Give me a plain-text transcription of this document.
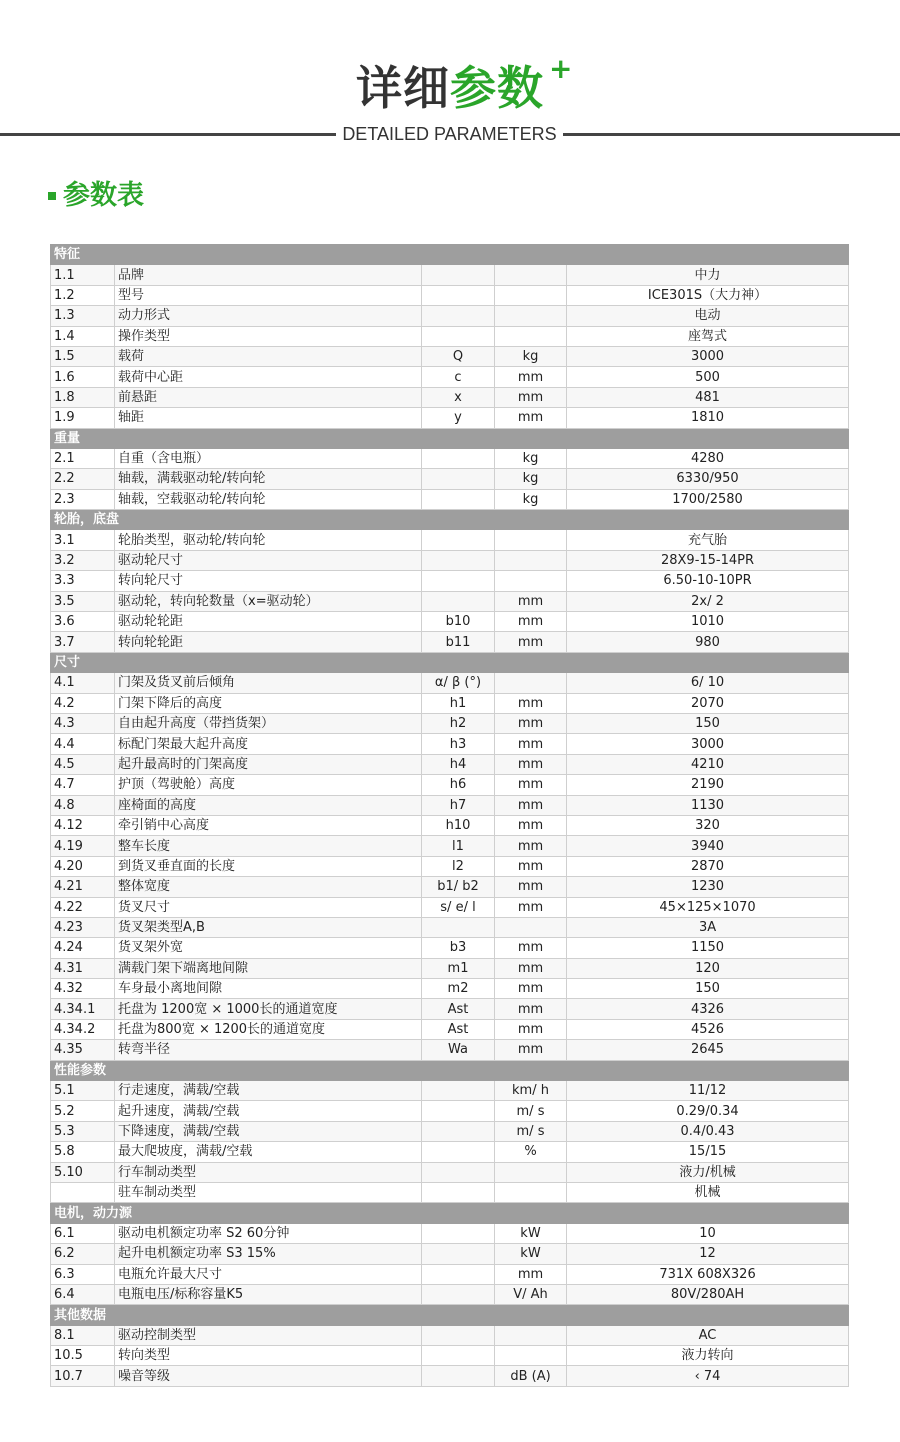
详细参数 +
DETAILED PARAMETERS
参数表
特征				
1.1	品牌			中力
1.2	型号			ICE301S（大力神）
1.3	动力形式			电动
1.4	操作类型			座驾式
1.5	载荷	Q	kg	3000
1.6	载荷中心距	c	mm	500
1.8	前悬距	x	mm	481
1.9	轴距	y	mm	1810
重量				
2.1	自重（含电瓶）		kg	4280
2.2	轴载，满载驱动轮/转向轮		kg	6330/950
2.3	轴载，空载驱动轮/转向轮		kg	1700/2580
轮胎，底盘				
3.1	轮胎类型，驱动轮/转向轮			充气胎
3.2	驱动轮尺寸			28X9-15-14PR
3.3	转向轮尺寸			6.50-10-10PR
3.5	驱动轮，转向轮数量（x=驱动轮）		mm	2x/ 2
3.6	驱动轮轮距	b10	mm	1010
3.7	转向轮轮距	b11	mm	980
尺寸				
4.1	门架及货叉前后倾角	α/ β (°)		6/ 10
4.2	门架下降后的高度	h1	mm	2070
4.3	自由起升高度（带挡货架）	h2	mm	150
4.4	标配门架最大起升高度	h3	mm	3000
4.5	起升最高时的门架高度	h4	mm	4210
4.7	护顶（驾驶舱）高度	h6	mm	2190
4.8	座椅面的高度	h7	mm	1130
4.12	牵引销中心高度	h10	mm	320
4.19	整车长度	l1	mm	3940
4.20	到货叉垂直面的长度	l2	mm	2870
4.21	整体宽度	b1/ b2	mm	1230
4.22	货叉尺寸	s/ e/ l	mm	45×125×1070
4.23	货叉架类型A,B			3A
4.24	货叉架外宽	b3	mm	1150
4.31	满载门架下端离地间隙	m1	mm	120
4.32	车身最小离地间隙	m2	mm	150
4.34.1	托盘为 1200宽 × 1000长的通道宽度	Ast	mm	4326
4.34.2	托盘为800宽 × 1200长的通道宽度	Ast	mm	4526
4.35	转弯半径	Wa	mm	2645
性能参数				
5.1	行走速度，满载/空载		km/ h	11/12
5.2	起升速度，满载/空载		m/ s	0.29/0.34
5.3	下降速度，满载/空载		m/ s	0.4/0.43
5.8	最大爬坡度，满载/空载		%	15/15
5.10	行车制动类型			液力/机械
	驻车制动类型			机械
电机，动力源				
6.1	驱动电机额定功率 S2 60分钟		kW	10
6.2	起升电机额定功率 S3 15%		kW	12
6.3	电瓶允许最大尺寸		mm	731X 608X326
6.4	电瓶电压/标称容量K5		V/ Ah	80V/280AH
其他数据				
8.1	驱动控制类型			AC
10.5	转向类型			液力转向
10.7	噪音等级		dB (A)	‹ 74
